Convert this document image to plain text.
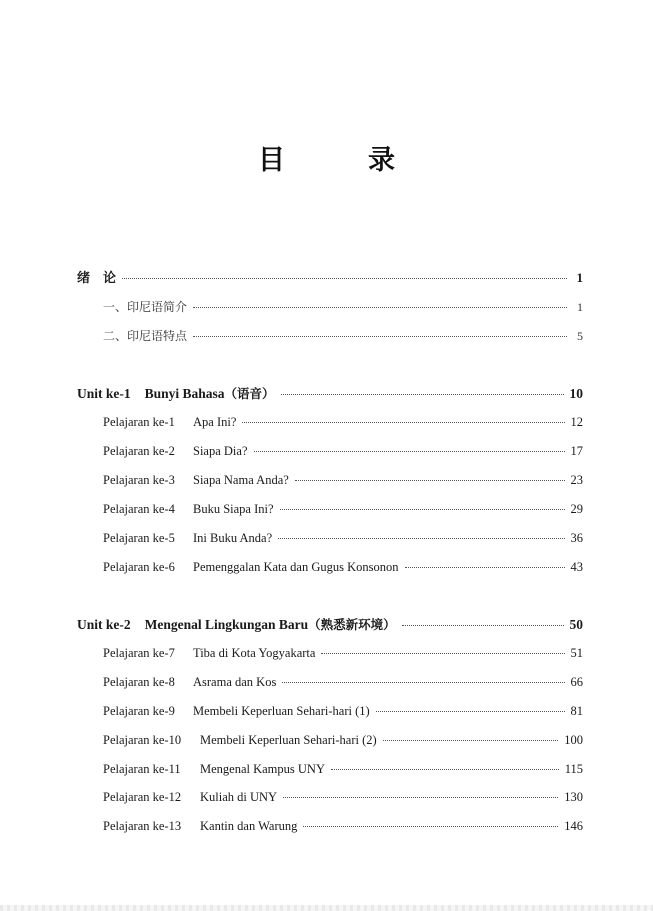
目　录
绪　论	1
一、印尼语简介	1
二、印尼语特点	5
Unit ke-1 Bunyi Bahasa （语音）	10
Pelajaran ke-1	Apa Ini?	12
Pelajaran ke-2	Siapa Dia?	17
Pelajaran ke-3	Siapa Nama Anda?	23
Pelajaran ke-4	Buku Siapa Ini?	29
Pelajaran ke-5	Ini Buku Anda?	36
Pelajaran ke-6	Pemenggalan Kata dan Gugus Konsonon	43
Unit ke-2 Mengenal Lingkungan Baru （熟悉新环境）	50
Pelajaran ke-7	Tiba di Kota Yogyakarta	51
Pelajaran ke-8	Asrama dan Kos	66
Pelajaran ke-9	Membeli Keperluan Sehari-hari (1)	81
Pelajaran ke-10	Membeli Keperluan Sehari-hari (2)	100
Pelajaran ke-11	Mengenal Kampus UNY	115
Pelajaran ke-12	Kuliah di UNY	130
Pelajaran ke-13	Kantin dan Warung	146
